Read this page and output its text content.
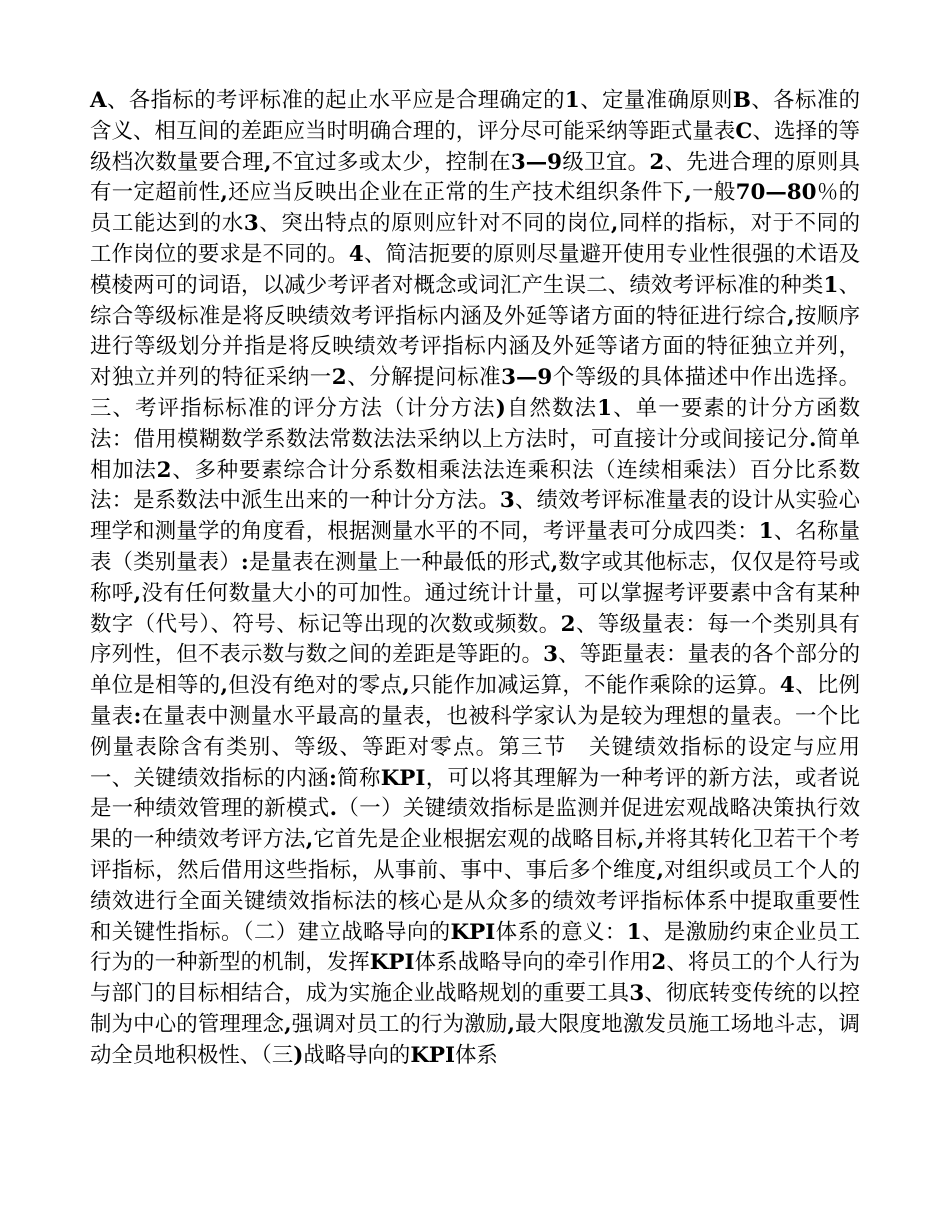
A、各指标的考评标准的起止水平应是合理确定的1、定量准确原则B、各标准的含义、相互间的差距应当时明确合理的，评分尽可能采纳等距式量表C、选择的等级档次数量要合理,不宜过多或太少，控制在3—9级卫宜。2、先进合理的原则具有一定超前性,还应当反映出企业在正常的生产技术组织条件下,一般70—80％的员工能达到的水3、突出特点的原则应针对不同的岗位,同样的指标，对于不同的工作岗位的要求是不同的。4、简洁扼要的原则尽量避开使用专业性很强的术语及模棱两可的词语，以减少考评者对概念或词汇产生误二、绩效考评标准的种类1、综合等级标准是将反映绩效考评指标内涵及外延等诸方面的特征进行综合,按顺序进行等级划分并指是将反映绩效考评指标内涵及外延等诸方面的特征独立并列，对独立并列的特征采纳一2、分解提问标准3—9个等级的具体描述中作出选择。三、考评指标标准的评分方法（计分方法)自然数法1、单一要素的计分方函数法：借用模糊数学系数法常数法法采纳以上方法时，可直接计分或间接记分.简单相加法2、多种要素综合计分系数相乘法法连乘积法（连续相乘法）百分比系数法：是系数法中派生出来的一种计分方法。3、绩效考评标准量表的设计从实验心理学和测量学的角度看，根据测量水平的不同，考评量表可分成四类：1、名称量表（类别量表）:是量表在测量上一种最低的形式,数字或其他标志，仅仅是符号或称呼,没有任何数量大小的可加性。通过统计计量，可以掌握考评要素中含有某种数字（代号）、符号、标记等出现的次数或频数。2、等级量表：每一个类别具有序列性，但不表示数与数之间的差距是等距的。3、等距量表：量表的各个部分的单位是相等的,但没有绝对的零点,只能作加减运算，不能作乘除的运算。4、比例量表:在量表中测量水平最高的量表，也被科学家认为是较为理想的量表。一个比例量表除含有类别、等级、等距对零点。第三节　关键绩效指标的设定与应用一、关键绩效指标的内涵:简称KPI，可以将其理解为一种考评的新方法，或者说是一种绩效管理的新模式.（一）关键绩效指标是监测并促进宏观战略决策执行效果的一种绩效考评方法,它首先是企业根据宏观的战略目标,并将其转化卫若干个考评指标，然后借用这些指标，从事前、事中、事后多个维度,对组织或员工个人的绩效进行全面关键绩效指标法的核心是从众多的绩效考评指标体系中提取重要性和关键性指标。（二）建立战略导向的KPI体系的意义：1、是激励约束企业员工行为的一种新型的机制，发挥KPI体系战略导向的牵引作用2、将员工的个人行为与部门的目标相结合，成为实施企业战略规划的重要工具3、彻底转变传统的以控制为中心的管理理念,强调对员工的行为激励,最大限度地激发员施工场地斗志，调动全员地积极性、（三)战略导向的KPI体系
